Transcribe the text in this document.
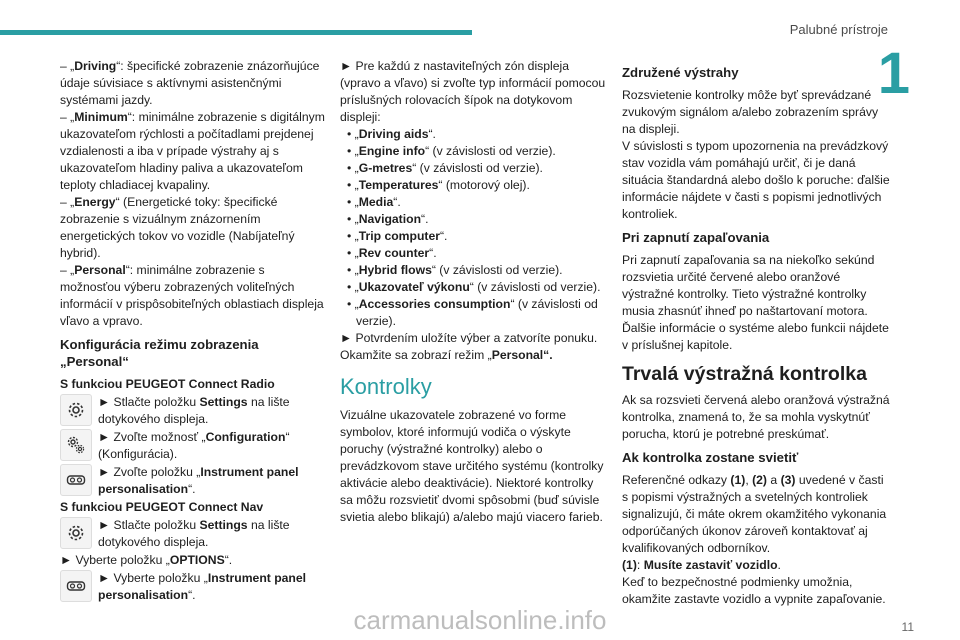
Palubné prístroje
1

– „Driving“: špecifické zobrazenie znázorňujúce údaje súvisiace s aktívnymi asistenčnými systémami jazdy.

– „Minimum“: minimálne zobrazenie s digitálnym ukazovateľom rýchlosti a počítadlami prejdenej vzdialenosti a iba v prípade výstrahy aj s ukazovateľom hladiny paliva a ukazovateľom teploty chladiacej kvapaliny.

– „Energy“ (Energetické toky: špecifické zobrazenie s vizuálnym znázornením energetických tokov vo vozidle (Nabíjateľný hybrid).

– „Personal“: minimálne zobrazenie s možnosťou výberu zobrazených voliteľných informácií v prispôsobiteľných oblastiach displeja vľavo a vpravo.

Konfigurácia režimu zobrazenia „Personal“

S funkciou PEUGEOT Connect Radio

► Stlačte položku Settings na lište dotykového displeja.
► Zvoľte možnosť „Configuration“ (Konfigurácia).
► Zvoľte položku „Instrument panel personalisation“.

S funkciou PEUGEOT Connect Nav

► Stlačte položku Settings na lište dotykového displeja.

► Vyberte položku „OPTIONS“.

► Vyberte položku „Instrument panel personalisation“.

► Pre každú z nastaviteľných zón displeja (vpravo a vľavo) si zvoľte typ informácií pomocou príslušných rolovacích šípok na dotykovom displeji:

• „Driving aids“.

• „Engine info“ (v závislosti od verzie).

• „G-metres“ (v závislosti od verzie).

• „Temperatures“ (motorový olej).

• „Media“.

• „Navigation“.

• „Trip computer“.

• „Rev counter“.

• „Hybrid flows“ (v závislosti od verzie).

• „Ukazovateľ výkonu“ (v závislosti od verzie).

• „Accessories consumption“ (v závislosti od verzie).

► Potvrdením uložíte výber a zatvoríte ponuku. Okamžite sa zobrazí režim „Personal“.

Kontrolky

Vizuálne ukazovatele zobrazené vo forme symbolov, ktoré informujú vodiča o výskyte poruchy (výstražné kontrolky) alebo o prevádzkovom stave určitého systému (kontrolky aktivácie alebo deaktivácie). Niektoré kontrolky sa môžu rozsvietiť dvomi spôsobmi (buď súvisle svietia alebo blikajú) a/alebo majú viacero farieb.

Združené výstrahy

Rozsvietenie kontrolky môže byť sprevádzané zvukovým signálom a/alebo zobrazením správy na displeji.

V súvislosti s typom upozornenia na prevádzkový stav vozidla vám pomáhajú určiť, či je daná situácia štandardná alebo došlo k poruche: ďalšie informácie nájdete v časti s popismi jednotlivých kontroliek.

Pri zapnutí zapaľovania

Pri zapnutí zapaľovania sa na niekoľko sekúnd rozsvietia určité červené alebo oranžové výstražné kontrolky. Tieto výstražné kontrolky musia zhasnúť ihneď po naštartovaní motora.

Ďalšie informácie o systéme alebo funkcii nájdete v príslušnej kapitole.

Trvalá výstražná kontrolka

Ak sa rozsvieti červená alebo oranžová výstražná kontrolka, znamená to, že sa mohla vyskytnúť porucha, ktorú je potrebné preskúmať.

Ak kontrolka zostane svietiť

Referenčné odkazy (1), (2) a (3) uvedené v časti s popismi výstražných a svetelných kontroliek signalizujú, či máte okrem okamžitého vykonania odporúčaných úkonov zároveň kontaktovať aj kvalifikovaných odborníkov.

(1): Musíte zastaviť vozidlo.

Keď to bezpečnostné podmienky umožnia, okamžite zastavte vozidlo a vypnite zapaľovanie.

carmanualsonline.info	11
